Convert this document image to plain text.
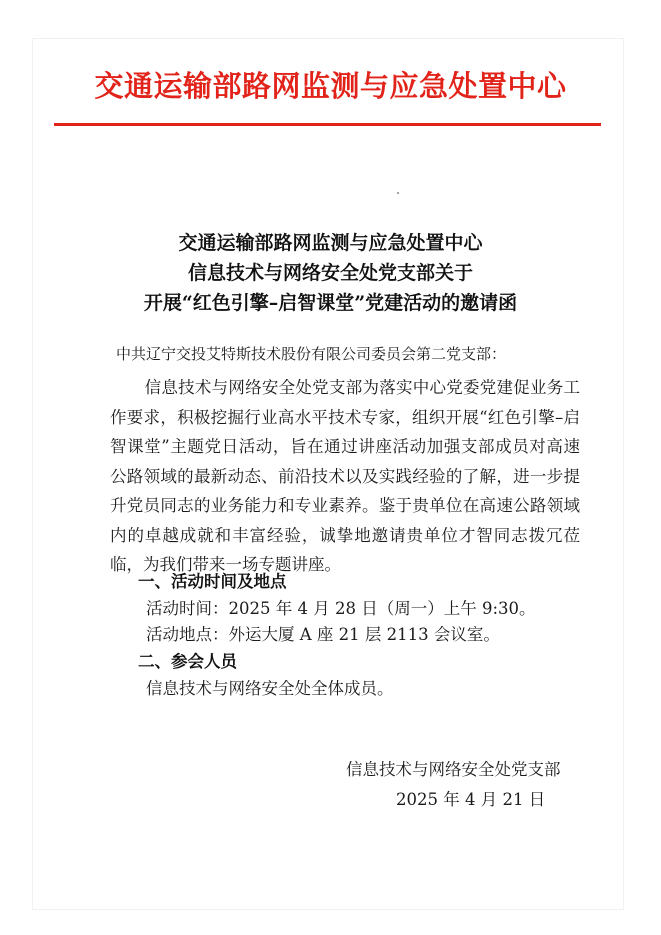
交通运输部路网监测与应急处置中心
交通运输部路网监测与应急处置中心
信息技术与网络安全处党支部关于
开展“红色引擎–启智课堂”党建活动的邀请函
中共辽宁交投艾特斯技术股份有限公司委员会第二党支部：
信息技术与网络安全处党支部为落实中心党委党建促业务工作要求，积极挖掘行业高水平技术专家，组织开展“红色引擎–启智课堂”主题党日活动，旨在通过讲座活动加强支部成员对高速公路领域的最新动态、前沿技术以及实践经验的了解，进一步提升党员同志的业务能力和专业素养。鉴于贵单位在高速公路领域内的卓越成就和丰富经验，诚挚地邀请贵单位才智同志拨冗莅临，为我们带来一场专题讲座。
一、活动时间及地点
活动时间：2025 年 4 月 28 日（周一）上午 9:30。
活动地点：外运大厦 A 座 21 层 2113 会议室。
二、参会人员
信息技术与网络安全处全体成员。
信息技术与网络安全处党支部
2025 年 4 月 21 日
